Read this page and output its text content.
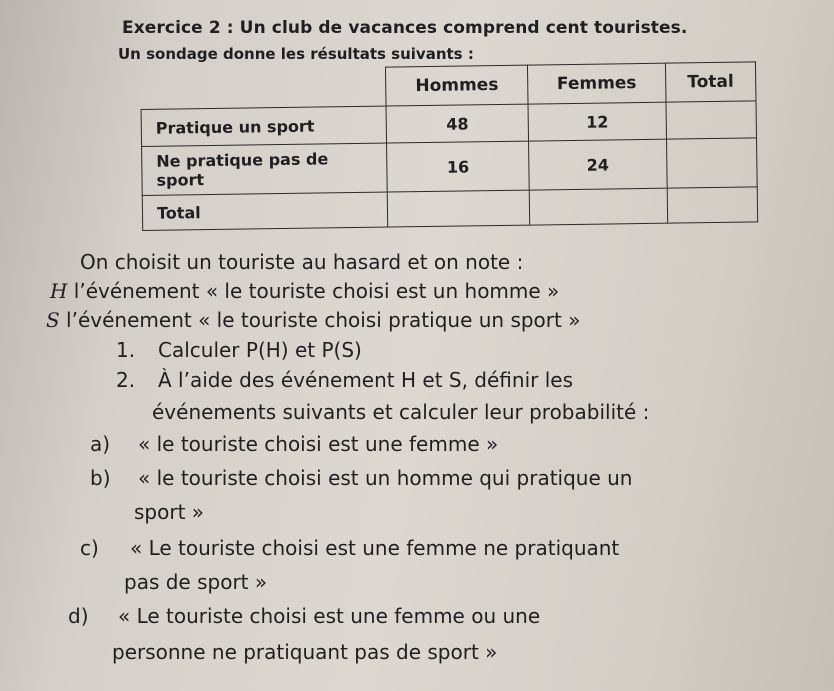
Exercice 2 : Un club de vacances comprend cent touristes.
Un sondage donne les résultats suivants :
	Hommes	Femmes	Total
Pratique un sport	48	12	
Ne pratique pas de sport	16	24	
Total			
On choisit un touriste au hasard et on note :
H l’événement « le touriste choisi est un homme »
S l’événement « le touriste choisi pratique un sport »
1. Calculer P(H) et P(S)
2. À l’aide des événement H et S, définir les
événements suivants et calculer leur probabilité :
a) « le touriste choisi est une femme »
b) « le touriste choisi est un homme qui pratique un
sport »
c) « Le touriste choisi est une femme ne pratiquant
pas de sport »
d) « Le touriste choisi est une femme ou une
personne ne pratiquant pas de sport »
